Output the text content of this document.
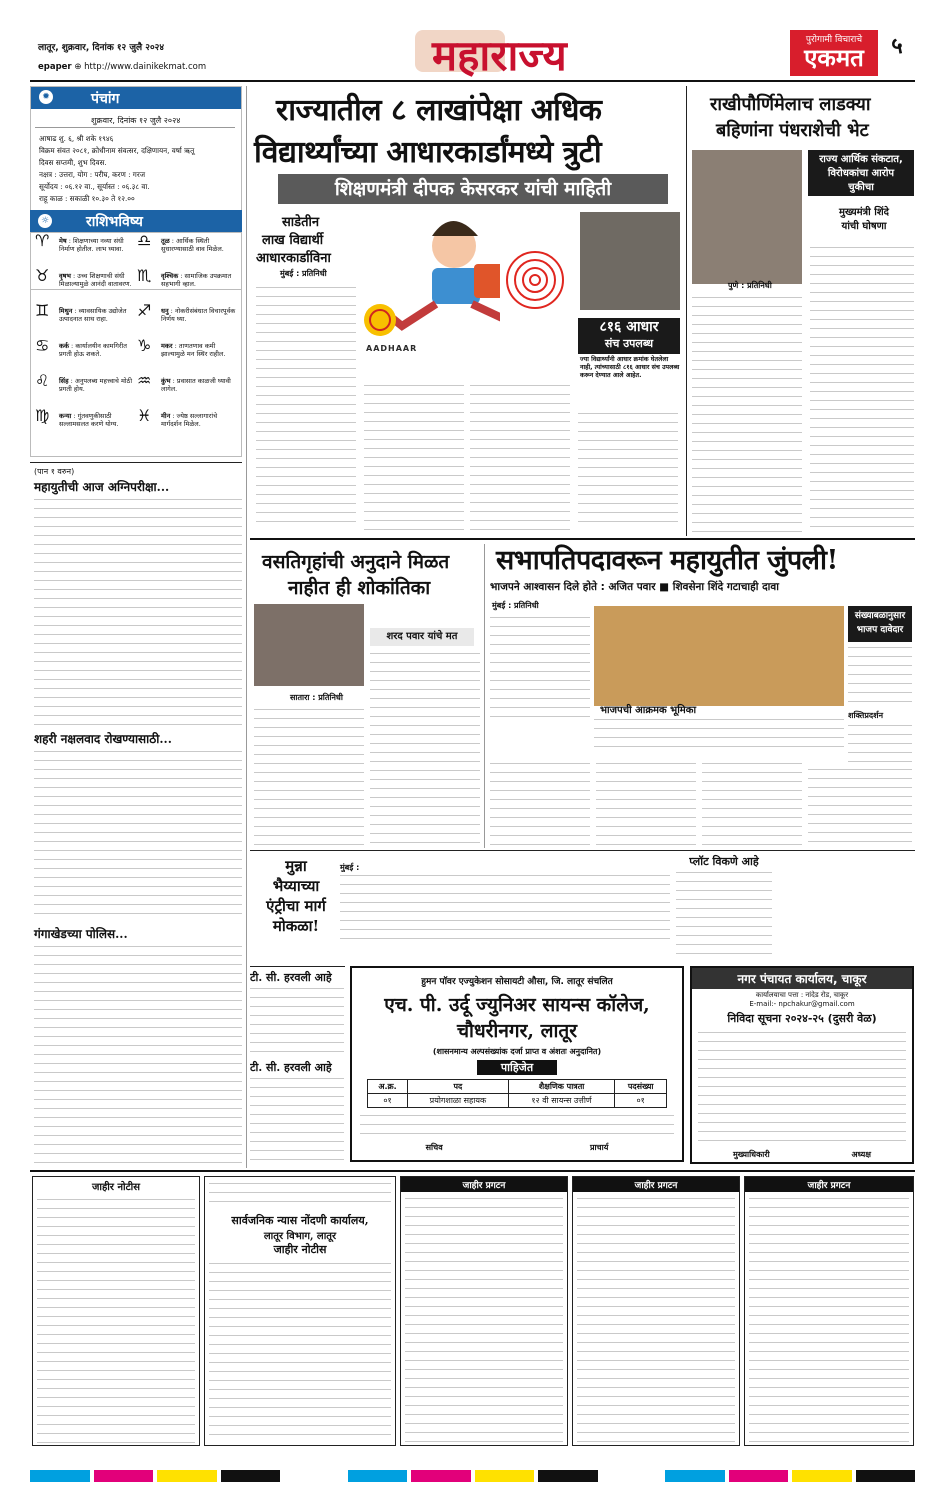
लातूर, शुक्रवार, दिनांक १२ जुलै २०२४
epaper ⊕ http://www.dainikekmat.com	महाराज्य	पुरोगामी विचाराचे
एकमत	५
✹	पंचांग
शुक्रवार, दिनांक १२ जुलै २०२४
आषाढ शु. ६, श्री शके १९४६
विक्रम संवत २०८१, क्रोधीनाम संवत्सर, दक्षिणायन, वर्षा ऋतू
दिवस सप्तमी, शुभ दिवस.
नक्षत्र : उत्तरा, योग : परीघ, करण : गरज
सूर्योदय : ०६.१२ वा., सूर्यास्त : ०६.३८ वा.
राहू काळ : सकाळी १०.३० ते १२.००
☼	राशिभविष्य
♈ मेष : शिक्षणाच्या नव्या संधी निर्माण होतील. लाभ घ्यावा.
♉ वृषभ : उच्च शिक्षणाची संधी मिळाल्यामुळे आनंदी वातावरण.
♊ मिथुन : व्यावसायिक उद्योजेत उत्पादनात साथ राहा.
♋ कर्क : कार्यालयीन कामगिरीत प्रगती होऊ शकते.
♌ सिंह : अनुपलब्ध महत्त्वाचे मोठी प्रगती होय.
♍ कन्या : गुंतवणुकीसाठी सल्लामसलत करणे योग्य.
♎ तूळ : आर्थिक स्थिती सुधारण्यासाठी वाव मिळेल.
♏ वृश्चिक : सामाजिक उपक्रमात सहभागी व्हाल.
♐ धनु : नोकरीसंबंधात विचारपूर्वक निर्णय घ्या.
♑ मकर : ताणतणाव कमी झाल्यामुळे मन स्थिर राहील.
♒ कुंभ : प्रवासात काळजी घ्यावी लागेल.
♓ मीन : ज्येष्ठ सल्लागारांचे मार्गदर्शन मिळेल.
(पान १ वरुन)
महायुतीची आज अग्निपरीक्षा...
शहरी नक्षलवाद रोखण्यासाठी...
गंगाखेडच्या पोलिस...
राज्यातील ८ लाखांपेक्षा अधिक
विद्यार्थ्यांच्या आधारकार्डांमध्ये त्रुटी
शिक्षणमंत्री दीपक केसरकर यांची माहिती
साडेतीन
लाख विद्यार्थी
आधारकार्डाविना
मुंबई : प्रतिनिधी
AADHAAR
८१६ आधार
संच उपलब्ध
ज्या विद्यार्थ्यांनी आधार क्रमांक घेतलेला नाही, त्यांच्यासाठी ८१६ आधार संच उपलब्ध करून देण्यात आले आहेत.
राखीपौर्णिमेलाच लाडक्या
बहिणांना पंधराशेची भेट
राज्य आर्थिक संकटात,
विरोधकांचा आरोप
चुकीचा
मुख्यमंत्री शिंदे
यांची घोषणा
पुणे : प्रतिनिधी
वसतिगृहांची अनुदाने मिळत
नाहीत ही शोकांतिका
शरद पवार यांचे मत
सातारा : प्रतिनिधी
सभापतिपदावरून महायुतीत जुंपली!
भाजपने आश्वासन दिले होते : अजित पवार ■ शिवसेना शिंदे गटाचाही दावा
मुंबई : प्रतिनिधी
भाजपची आक्रमक भूमिका
संख्याबळानुसार
भाजप दावेदार
शक्तिप्रदर्शन
मुन्ना
भैय्याच्या
एंट्रीचा मार्ग
मोकळा!
मुंबई :
टी. सी. हरवली आहे
टी. सी. हरवली आहे
प्लॉट विकणे आहे
हुमन पाॅवर एज्युकेशन सोसायटी औसा, जि. लातूर संचलित
एच. पी. उर्दू ज्युनिअर सायन्स कॉलेज,
चौधरीनगर, लातूर
(शासनमान्य अल्पसंख्यांक दर्जा प्राप्त व अंशतः अनुदानित)
पाहिजेत
अ.क्र.	पद	शैक्षणिक पात्रता	पदसंख्या
०१	प्रयोगशाळा सहायक	१२ वी सायन्स उत्तीर्ण	०१
सचिव	प्राचार्य
नगर पंचायत कार्यालय, चाकूर
कार्यालयाचा पत्ता : नांदेड रोड, चाकूर
E-mail:- npchakur@gmail.com
निविदा सूचना २०२४-२५ (दुसरी वेळ)
मुख्याधिकारी	अध्यक्ष
जाहीर नोटीस
सार्वजनिक न्यास नोंदणी कार्यालय,
लातूर विभाग, लातूर
जाहीर नोटीस
जाहीर प्रगटन	जाहीर प्रगटन	जाहीर प्रगटन
